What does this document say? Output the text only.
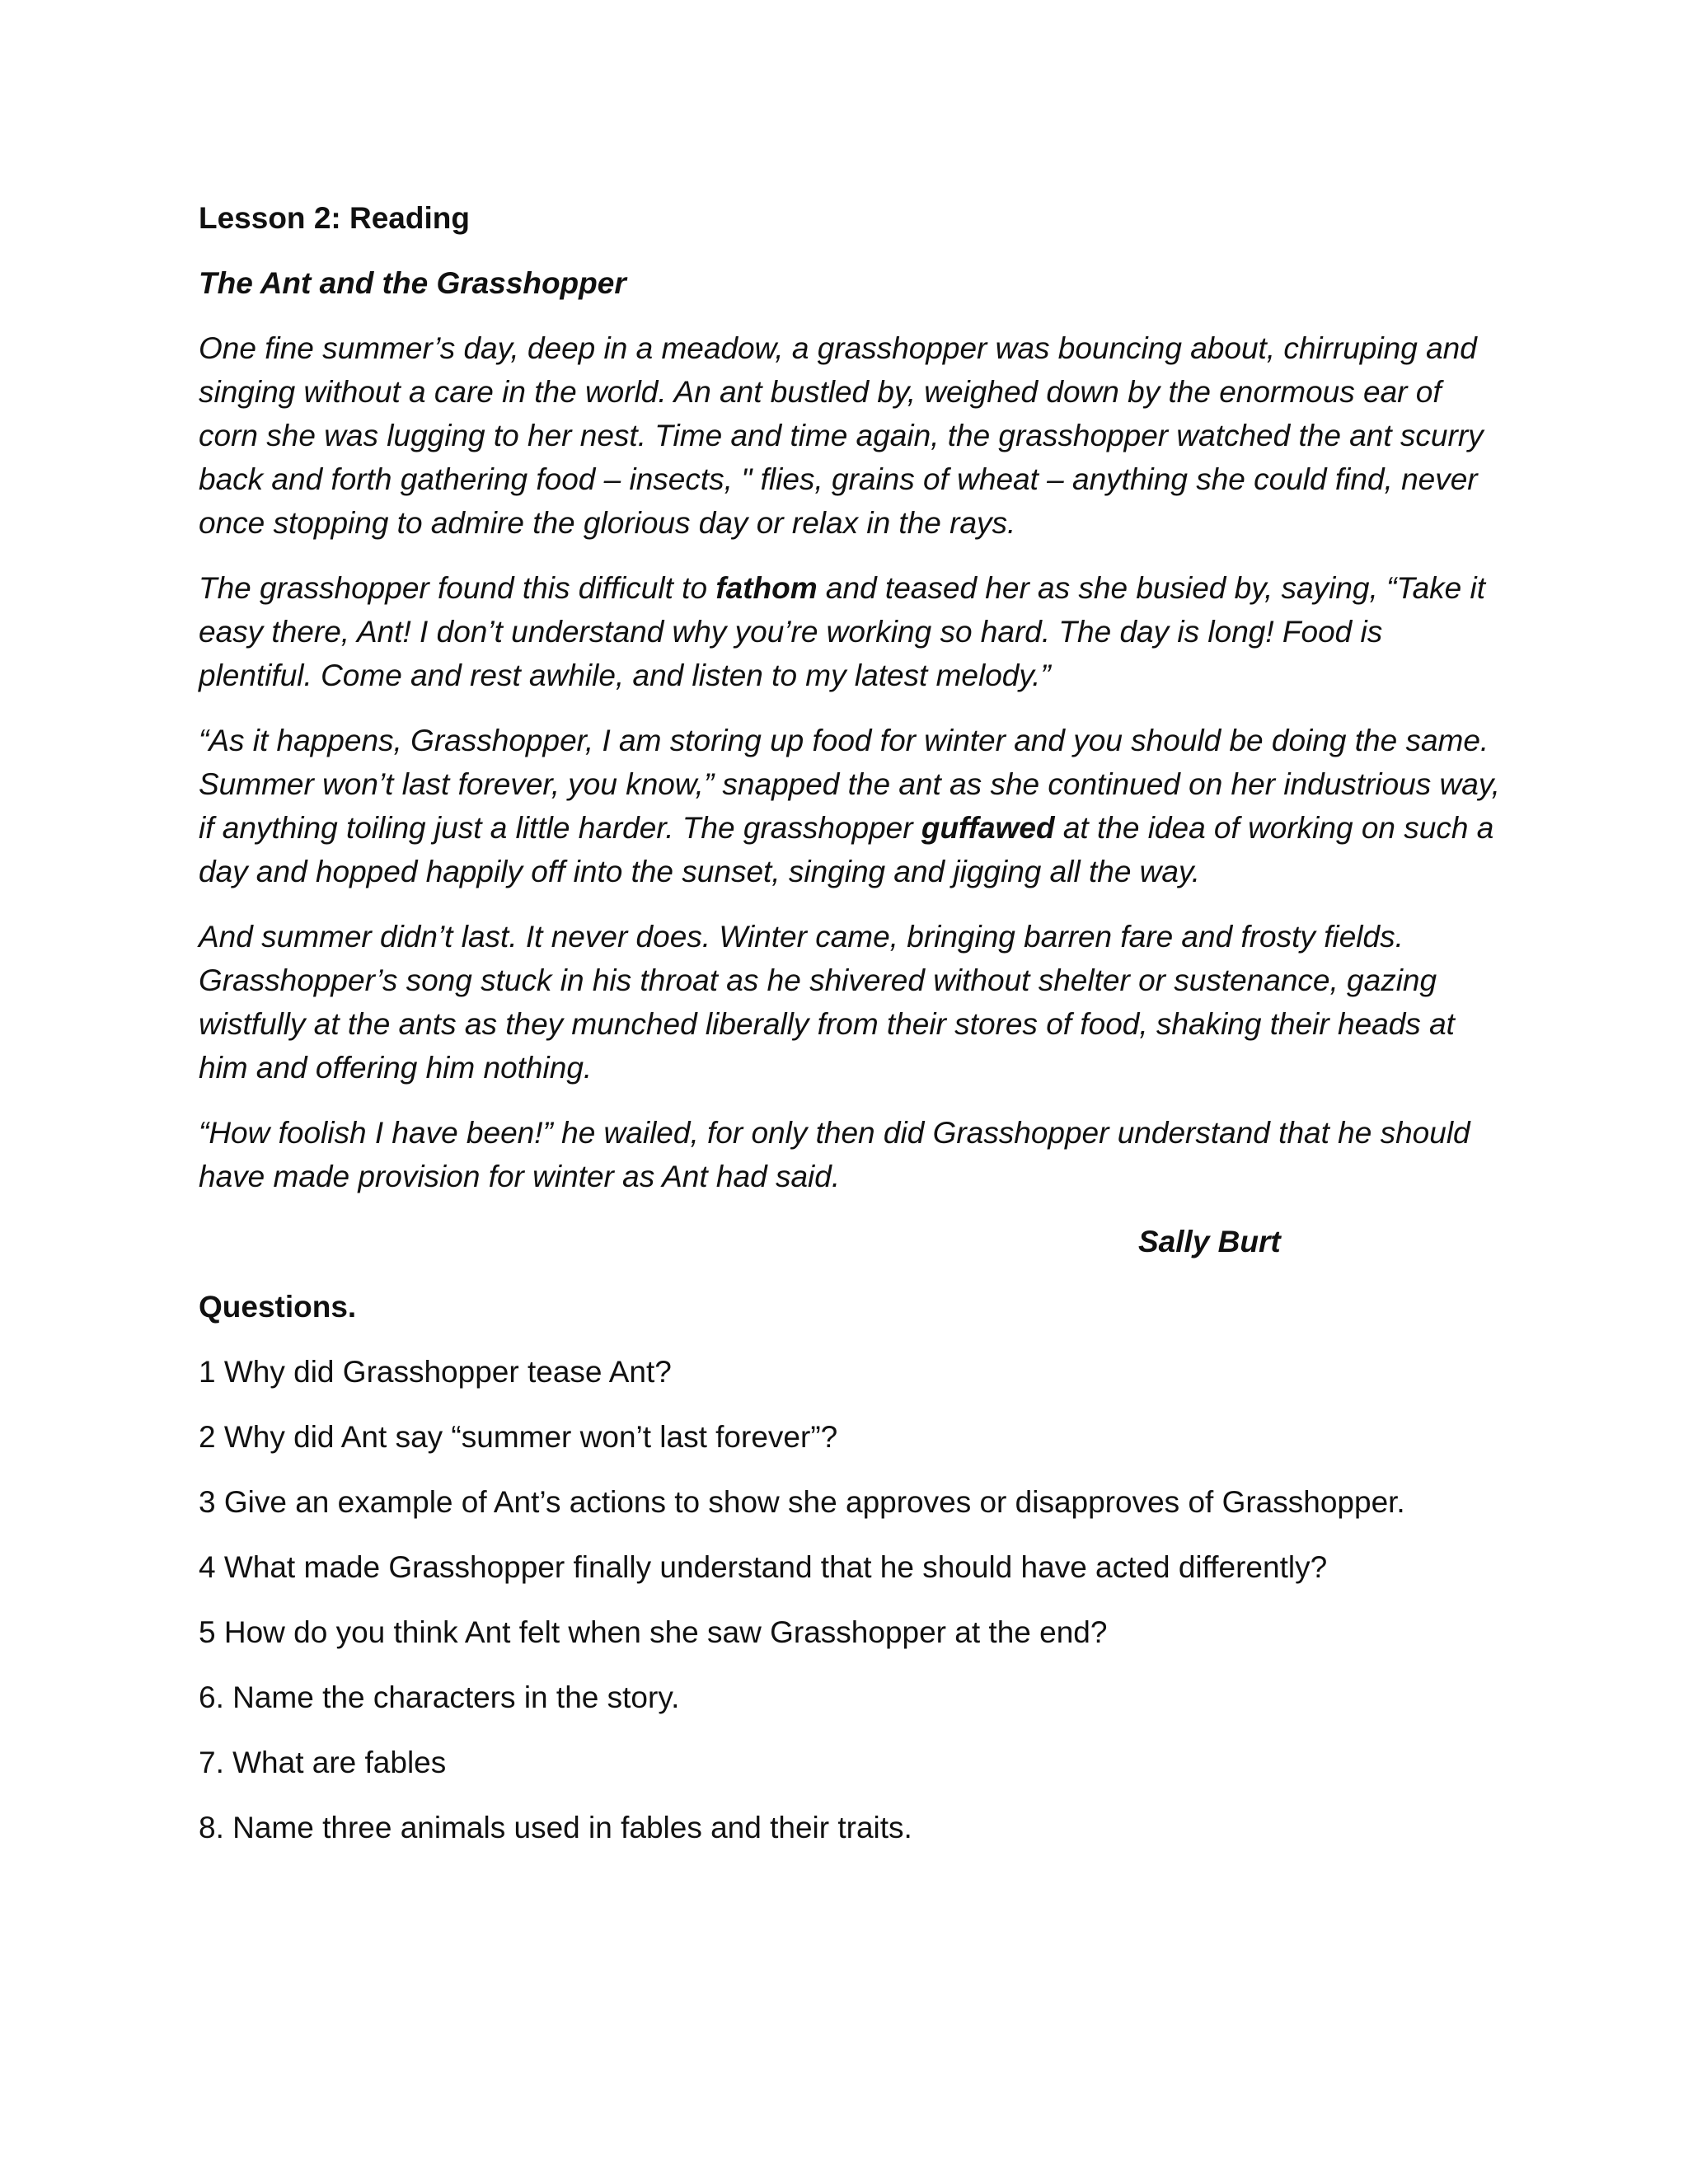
Lesson 2: Reading
The Ant and the Grasshopper

One fine summer’s day, deep in a meadow, a grasshopper was bouncing about, chirruping and singing without a care in the world. An ant bustled by, weighed down by the enormous ear of corn she was lugging to her nest. Time and time again, the grasshopper watched the ant scurry back and forth gathering food – insects, " flies, grains of wheat – anything she could find, never once stopping to admire the glorious day or relax in the rays.

The grasshopper found this difficult to fathom and teased her as she busied by, saying, “Take it easy there, Ant! I don’t understand why you’re working so hard. The day is long! Food is plentiful. Come and rest awhile, and listen to my latest melody.”

“As it happens, Grasshopper, I am storing up food for winter and you should be doing the same. Summer won’t last forever, you know,” snapped the ant as she continued on her industrious way, if anything toiling just a little harder. The grasshopper guffawed at the idea of working on such a day and hopped happily off into the sunset, singing and jigging all the way.

And summer didn’t last. It never does. Winter came, bringing barren fare and frosty fields. Grasshopper’s song stuck in his throat as he shivered without shelter or sustenance, gazing wistfully at the ants as they munched liberally from their stores of food, shaking their heads at him and offering him nothing.

“How foolish I have been!” he wailed, for only then did Grasshopper understand that he should have made provision for winter as Ant had said.

Sally Burt
Questions.
1 Why did Grasshopper tease Ant?
2 Why did Ant say “summer won’t last forever”?
3 Give an example of Ant’s actions to show she approves or disapproves of Grasshopper.
4 What made Grasshopper finally understand that he should have acted differently?
5 How do you think Ant felt when she saw Grasshopper at the end?
6. Name the characters in the story.
7. What are fables
8. Name three animals used in fables and their traits.
